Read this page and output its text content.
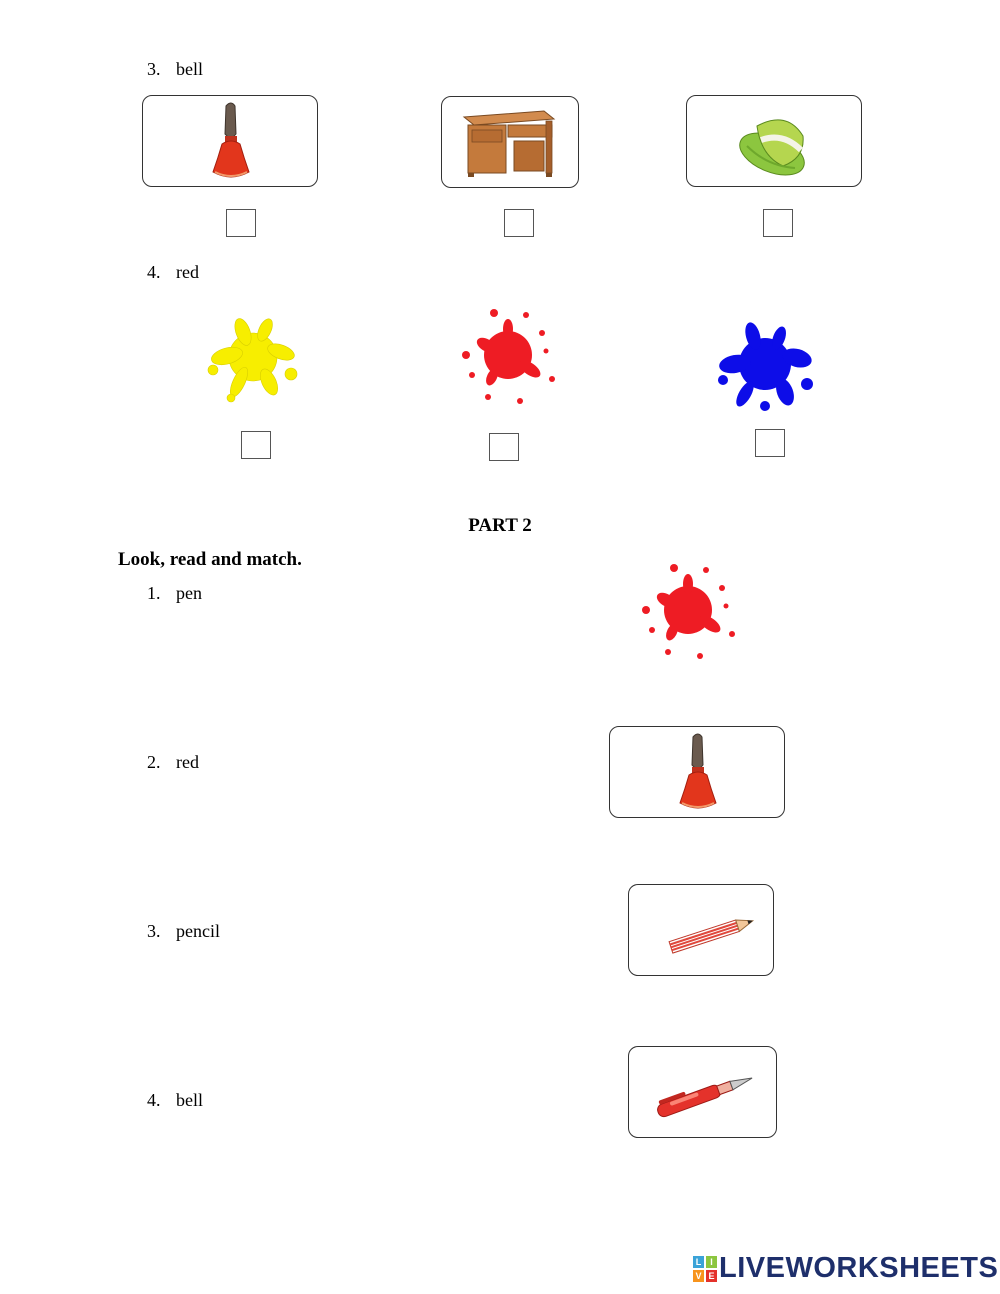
3. bell
4. red
PART 2
Look, read and match.
1. pen
2. red
3. pencil
4. bell
L I
V E LIVEWORKSHEETS
